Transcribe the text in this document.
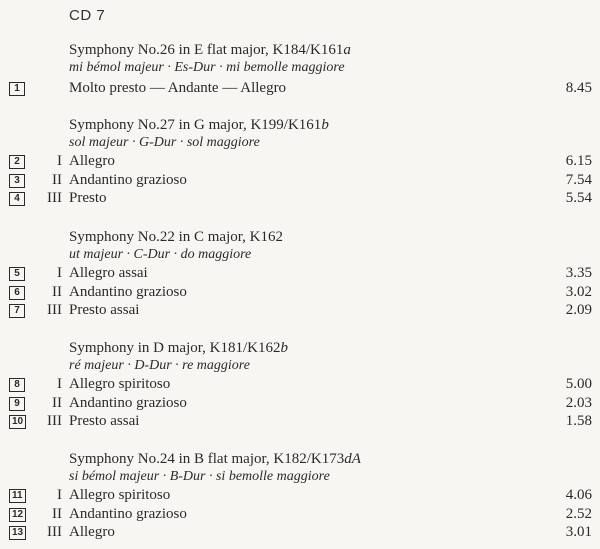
CD 7
Symphony No.26 in E flat major, K184/K161a
mi bémol majeur · Es-Dur · mi bemolle maggiore
1	Molto presto — Andante — Allegro	8.45
Symphony No.27 in G major, K199/K161b
sol majeur · G-Dur · sol maggiore
2	I Allegro	6.15
3	II Andantino grazioso	7.54
4	III Presto	5.54
Symphony No.22 in C major, K162
ut majeur · C-Dur · do maggiore
5	I Allegro assai	3.35
6	II Andantino grazioso	3.02
7	III Presto assai	2.09
Symphony in D major, K181/K162b
ré majeur · D-Dur · re maggiore
8	I Allegro spiritoso	5.00
9	II Andantino grazioso	2.03
10	III Presto assai	1.58
Symphony No.24 in B flat major, K182/K173dA
si bémol majeur · B-Dur · si bemolle maggiore
11	I Allegro spiritoso	4.06
12	II Andantino grazioso	2.52
13	III Allegro	3.01
